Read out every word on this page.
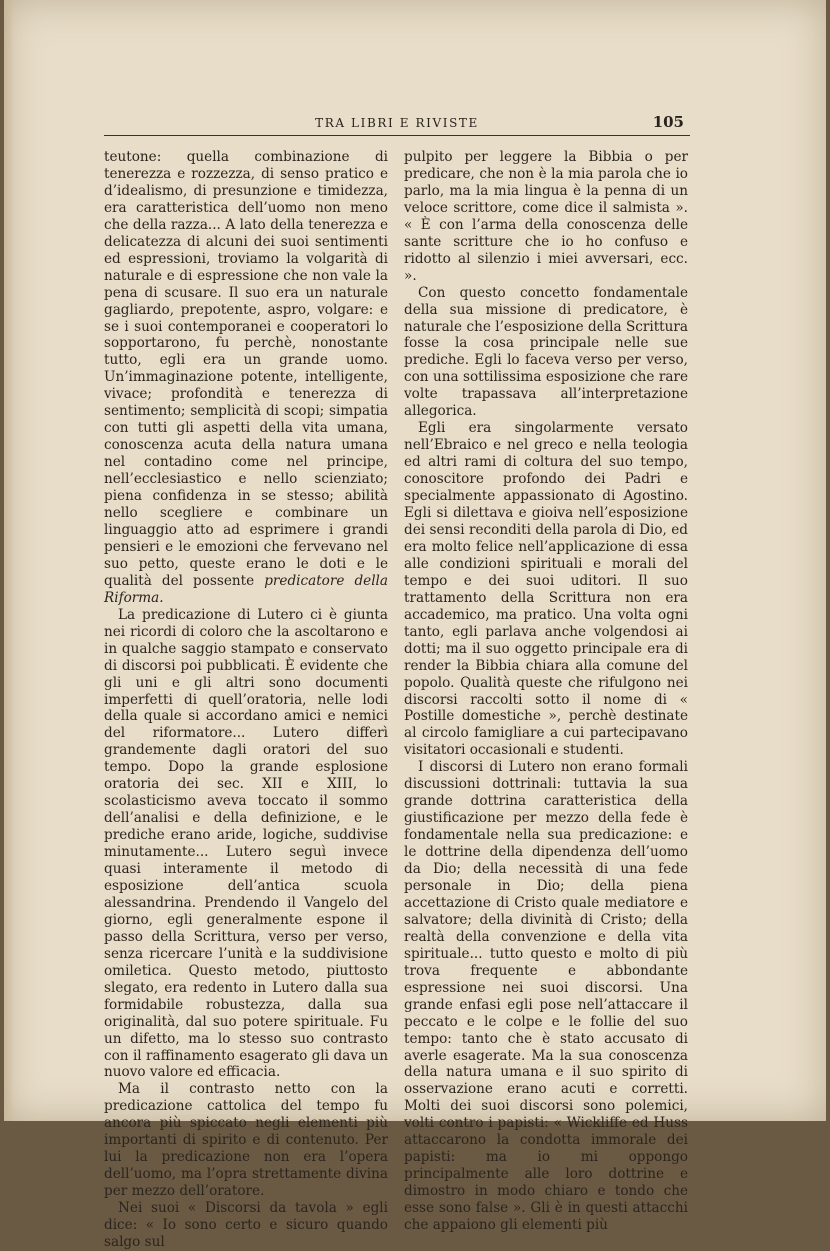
TRA LIBRI E RIVISTE	105

teutone: quella combinazione di tenerezza e rozzezza, di senso pratico e d’idealismo, di presunzione e timidezza, era caratteristica dell’uomo non meno che della razza... A lato della tenerezza e delicatezza di alcuni dei suoi sentimenti ed espressioni, troviamo la volgarità di naturale e di espressione che non vale la pena di scusare. Il suo era un naturale gagliardo, prepotente, aspro, volgare: e se i suoi contemporanei e cooperatori lo sopportarono, fu perchè, nonostante tutto, egli era un grande uomo. Un’immaginazione potente, intelligente, vivace; profondità e tenerezza di sentimento; semplicità di scopi; simpatia con tutti gli aspetti della vita umana, conoscenza acuta della natura umana nel contadino come nel principe, nell’ecclesiastico e nello scienziato; piena confidenza in se stesso; abilità nello scegliere e combinare un linguaggio atto ad esprimere i grandi pensieri e le emozioni che fervevano nel suo petto, queste erano le doti e le qualità del possente predicatore della Riforma.

La predicazione di Lutero ci è giunta nei ricordi di coloro che la ascoltarono e in qualche saggio stampato e conservato di discorsi poi pubblicati. È evidente che gli uni e gli altri sono documenti imperfetti di quell’oratoria, nelle lodi della quale si accordano amici e nemici del riformatore... Lutero differì grandemente dagli oratori del suo tempo. Dopo la grande esplosione oratoria dei sec. XII e XIII, lo scolasticismo aveva toccato il sommo dell’analisi e della definizione, e le prediche erano aride, logiche, suddivise minutamente... Lutero seguì invece quasi interamente il metodo di esposizione dell’antica scuola alessandrina. Prendendo il Vangelo del giorno, egli generalmente espone il passo della Scrittura, verso per verso, senza ricercare l’unità e la suddivisione omiletica. Questo metodo, piuttosto slegato, era redento in Lutero dalla sua formidabile robustezza, dalla sua originalità, dal suo potere spirituale. Fu un difetto, ma lo stesso suo contrasto con il raffinamento esagerato gli dava un nuovo valore ed efficacia.

Ma il contrasto netto con la predicazione cattolica del tempo fu ancora più spiccato negli elementi più importanti di spirito e di contenuto. Per lui la predicazione non era l’opera dell’uomo, ma l’opra strettamente divina per mezzo dell’oratore.

Nei suoi « Discorsi da tavola » egli dice: « Io sono certo e sicuro quando salgo sul

pulpito per leggere la Bibbia o per predicare, che non è la mia parola che io parlo, ma la mia lingua è la penna di un veloce scrittore, come dice il salmista ». « È con l’arma della conoscenza delle sante scritture che io ho confuso e ridotto al silenzio i miei avversari, ecc. ».

Con questo concetto fondamentale della sua missione di predicatore, è naturale che l’esposizione della Scrittura fosse la cosa principale nelle sue prediche. Egli lo faceva verso per verso, con una sottilissima esposizione che rare volte trapassava all’interpretazione allegorica.

Egli era singolarmente versato nell’Ebraico e nel greco e nella teologia ed altri rami di coltura del suo tempo, conoscitore profondo dei Padri e specialmente appassionato di Agostino. Egli si dilettava e gioiva nell’esposizione dei sensi reconditi della parola di Dio, ed era molto felice nell’applicazione di essa alle condizioni spirituali e morali del tempo e dei suoi uditori. Il suo trattamento della Scrittura non era accademico, ma pratico. Una volta ogni tanto, egli parlava anche volgendosi ai dotti; ma il suo oggetto principale era di render la Bibbia chiara alla comune del popolo. Qualità queste che rifulgono nei discorsi raccolti sotto il nome di « Postille domestiche », perchè destinate al circolo famigliare a cui partecipavano visitatori occasionali e studenti.

I discorsi di Lutero non erano formali discussioni dottrinali: tuttavia la sua grande dottrina caratteristica della giustificazione per mezzo della fede è fondamentale nella sua predicazione: e le dottrine della dipendenza dell’uomo da Dio; della necessità di una fede personale in Dio; della piena accettazione di Cristo quale mediatore e salvatore; della divinità di Cristo; della realtà della convenzione e della vita spirituale... tutto questo e molto di più trova frequente e abbondante espressione nei suoi discorsi. Una grande enfasi egli pose nell’attaccare il peccato e le colpe e le follie del suo tempo: tanto che è stato accusato di averle esagerate. Ma la sua conoscenza della natura umana e il suo spirito di osservazione erano acuti e corretti. Molti dei suoi discorsi sono polemici, volti contro i papisti: « Wickliffe ed Huss attaccarono la condotta immorale dei papisti: ma io mi oppongo principalmente alle loro dottrine e dimostro in modo chiaro e tondo che esse sono false ». Gli è in questi attacchi che appaiono gli elementi più
